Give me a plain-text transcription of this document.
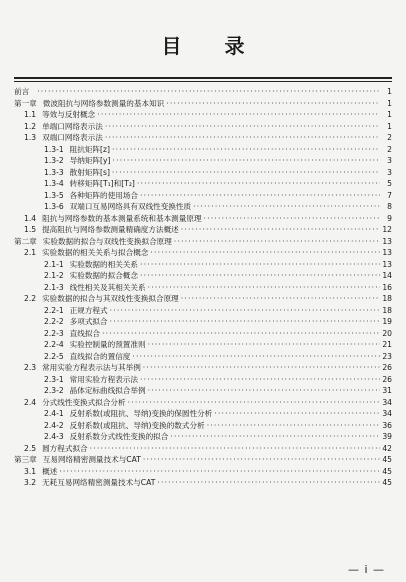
目 录
前言 ·····	1
第一章 微波阻抗与网络参数测量的基本知识 ·····	1
1.1 等效与反射概念 ·····	1
1.2 单端口网络表示法 ·····	1
1.3 双端口网络表示法 ·····	2
1.3-1 阻抗矩阵[z] ·····	2
1.3-2 导纳矩阵[y] ·····	3
1.3-3 散射矩阵[s] ·····	3
1.3-4 转移矩阵[T₁]和[T₂] ·····	5
1.3-5 各种矩阵的使用场合 ·····	7
1.3-6 双端口互易网络具有双线性变换性质 ·····	8
1.4 阻抗与网络参数的基本测量系统和基本测量原理 ·····	9
1.5 提高阻抗与网络参数测量精确度方法概述 ·····	12
第二章 实验数据的拟合与双线性变换拟合原理 ·····	13
2.1 实验数据的相关关系与拟合概念 ·····	13
2.1-1 实验数据的相关关系 ·····	13
2.1-2 实验数据的拟合概念 ·····	14
2.1-3 线性相关及其相关关系 ·····	16
2.2 实验数据的拟合与其双线性变换拟合原理 ·····	18
2.2-1 正规方程式 ·····	18
2.2-2 多项式拟合 ·····	19
2.2-3 直线拟合 ·····	20
2.2-4 实验控制量的预置准则 ·····	21
2.2-5 直线拟合的置信度 ·····	23
2.3 常用实验方程表示法与其举例 ·····	26
2.3-1 常用实验方程表示法 ·····	26
2.3-2 晶体定标曲线拟合举例 ·····	31
2.4 分式线性变换式拟合分析 ·····	34
2.4-1 反射系数(或阻抗、导纳)变换的保圆性分析 ·····	34
2.4-2 反射系数(或阻抗、导纳)变换的数式分析 ·····	36
2.4-3 反射系数分式线性变换的拟合 ·····	39
2.5 圆方程式拟合 ·····	42
第三章 互易网络精密测量技术与CAT ·····	45
3.1 概述 ·····	45
3.2 无耗互易网络精密测量技术与CAT ·····	45
— i —
